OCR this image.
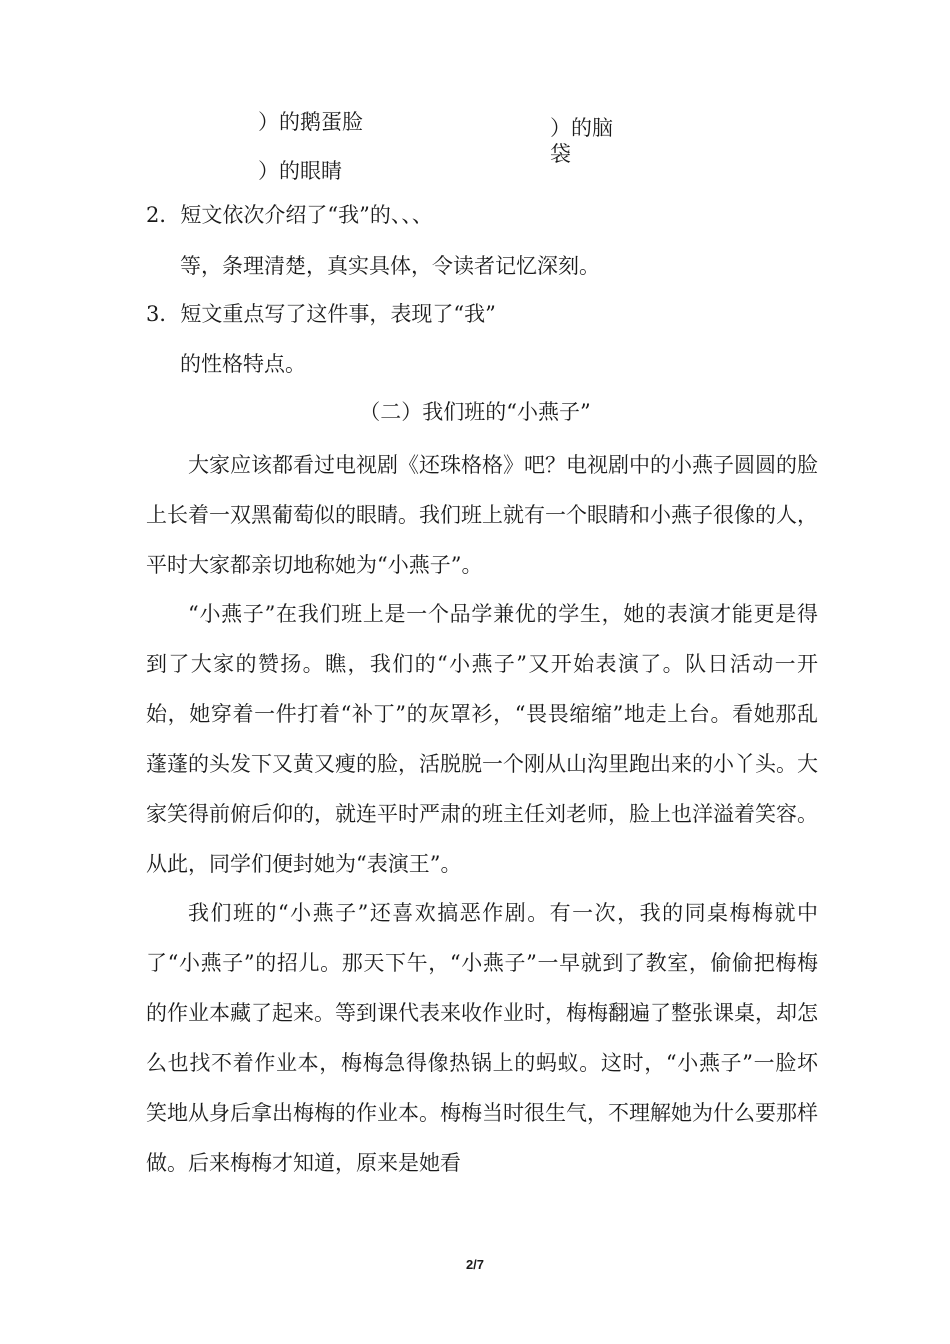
）的鹅蛋脸	）的脑

袋

）的眼睛

2．短文依次介绍了“我”的、、、

等，条理清楚，真实具体，令读者记忆深刻。

3．短文重点写了这件事，表现了“我”

的性格特点。

（二）我们班的“小燕子”

大家应该都看过电视剧《还珠格格》吧？电视剧中的小燕子圆圆的脸上长着一双黑葡萄似的眼睛。我们班上就有一个眼睛和小燕子很像的人，平时大家都亲切地称她为“小燕子”。

“小燕子”在我们班上是一个品学兼优的学生，她的表演才能更是得到了大家的赞扬。瞧，我们的“小燕子”又开始表演了。队日活动一开始，她穿着一件打着“补丁”的灰罩衫，“畏畏缩缩”地走上台。看她那乱蓬蓬的头发下又黄又瘦的脸，活脱脱一个刚从山沟里跑出来的小丫头。大家笑得前俯后仰的，就连平时严肃的班主任刘老师，脸上也洋溢着笑容。从此，同学们便封她为“表演王”。

我们班的“小燕子”还喜欢搞恶作剧。有一次，我的同桌梅梅就中了“小燕子”的招儿。那天下午，“小燕子”一早就到了教室，偷偷把梅梅的作业本藏了起来。等到课代表来收作业时，梅梅翻遍了整张课桌，却怎么也找不着作业本，梅梅急得像热锅上的蚂蚁。这时，“小燕子”一脸坏笑地从身后拿出梅梅的作业本。梅梅当时很生气，不理解她为什么要那样做。后来梅梅才知道，原来是她看

2/7
